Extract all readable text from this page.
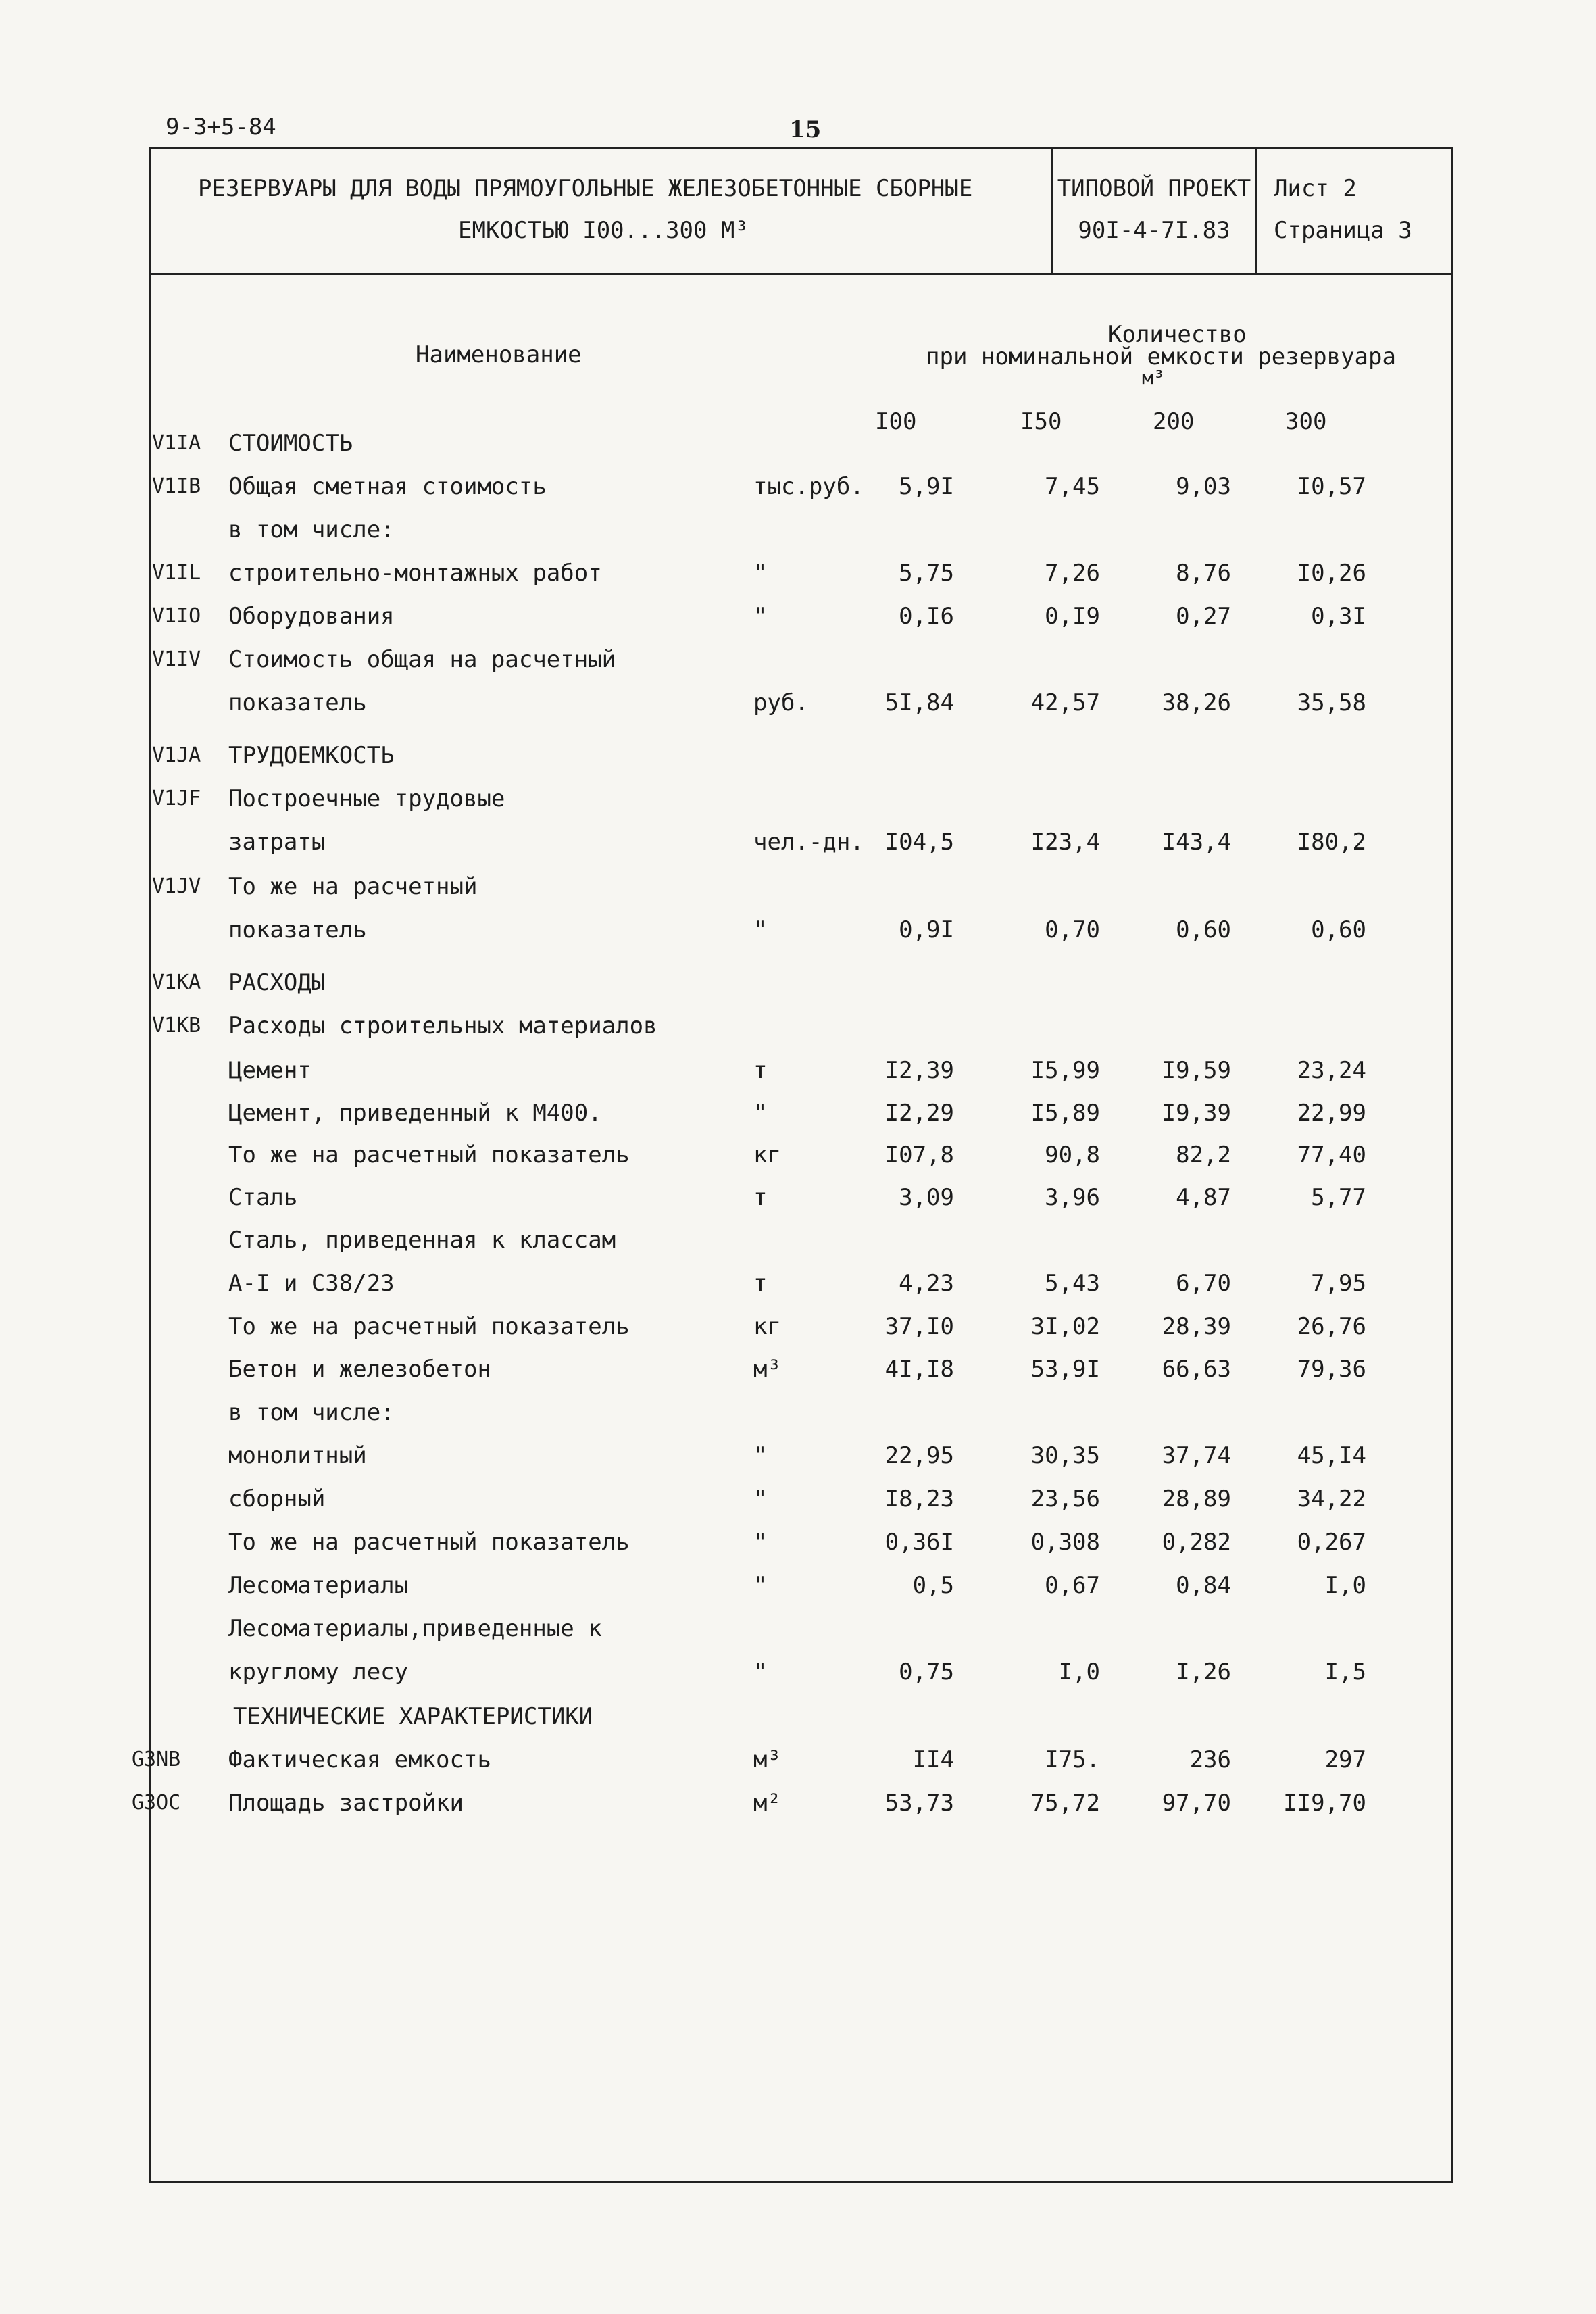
9-3+5-84	15
РЕЗЕРВУАРЫ ДЛЯ ВОДЫ ПРЯМОУГОЛЬНЫЕ ЖЕЛЕЗОБЕТОННЫЕ СБОРНЫЕ
ЕМКОСТЬЮ I00...300 М³
ТИПОВОЙ ПРОЕКТ
90I-4-7I.83
Лист 2
Страница 3
Наименование
Количество
при номинальной емкости резервуара
м³
I00	I50	200	300
V1IA СТОИМОСТЬ
V1IB Общая сметная стоимость	тыс.руб.	5,9I	7,45	9,03	I0,57
в том числе:
V1IL строительно-монтажных работ	"	5,75	7,26	8,76	I0,26
V1IO Оборудования	"	0,I6	0,I9	0,27	0,3I
V1IV Стоимость общая на расчетный
показатель	руб.	5I,84	42,57	38,26	35,58
V1JA ТРУДОЕМКОСТЬ
V1JF Построечные трудовые
затраты	чел.-дн. I04,5	I23,4	I43,4	I80,2
V1JV То же на расчетный
показатель	"	0,9I	0,70	0,60	0,60
V1KA РАСХОДЫ
V1KB Расходы строительных материалов
Цемент	т	I2,39	I5,99	I9,59	23,24
Цемент, приведенный к М400.	"	I2,29	I5,89	I9,39	22,99
То же на расчетный показатель	кг	I07,8	90,8	82,2	77,40
Сталь	т	3,09	3,96	4,87	5,77
Сталь, приведенная к классам
А-I и С38/23	т	4,23	5,43	6,70	7,95
То же на расчетный показатель	кг	37,I0	3I,02	28,39	26,76
Бетон и железобетон	м³	4I,I8	53,9I	66,63	79,36
в том числе:
монолитный	"	22,95	30,35	37,74	45,I4
сборный	"	I8,23	23,56	28,89	34,22
То же на расчетный показатель	"	0,36I	0,308	0,282	0,267
Лесоматериалы	"	0,5	0,67	0,84	I,0
Лесоматериалы,приведенные к
круглому лесу	"	0,75	I,0	I,26	I,5
ТЕХНИЧЕСКИЕ ХАРАКТЕРИСТИКИ
G3NB Фактическая емкость	м³	II4	I75.	236	297
G3OC Площадь застройки	м²	53,73	75,72	97,70	II9,70
